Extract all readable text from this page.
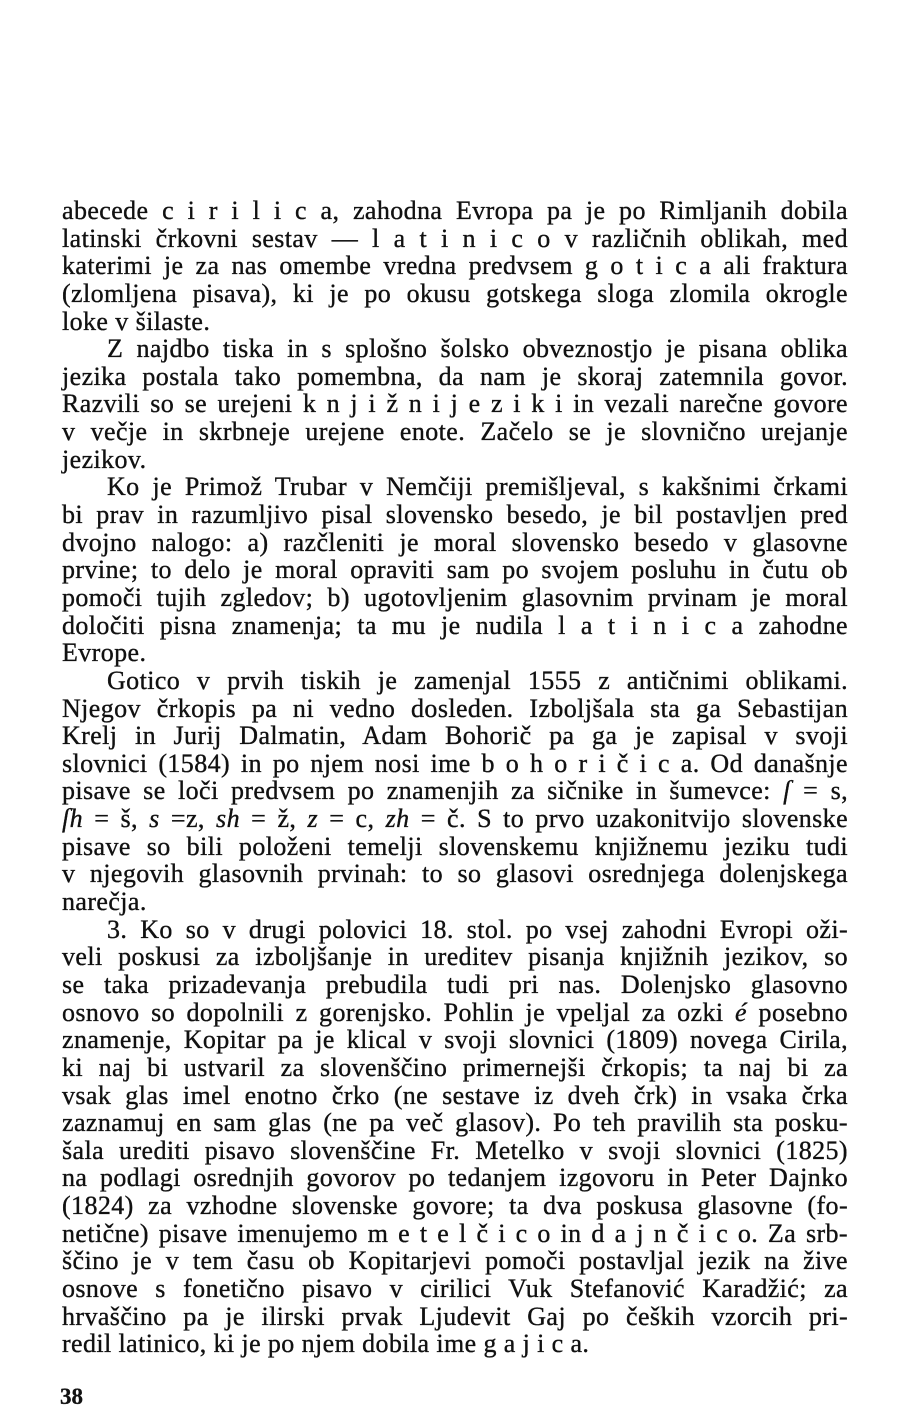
abecede c i r i l i c a, zahodna Evropa pa je po Rimljanih dobila
latinski črkovni sestav — l a t i n i c o v različnih oblikah, med
katerimi je za nas omembe vredna predvsem g o t i c a ali fraktura
(zlomljena pisava), ki je po okusu gotskega sloga zlomila okrogle
loke v šilaste.
Z najdbo tiska in s splošno šolsko obveznostjo je pisana oblika
jezika postala tako pomembna, da nam je skoraj zatemnila govor.
Razvili so se urejeni k n j i ž n i j e z i k i in vezali narečne govore
v večje in skrbneje urejene enote. Začelo se je slovnično urejanje
jezikov.
Ko je Primož Trubar v Nemčiji premišljeval, s kakšnimi črkami
bi prav in razumljivo pisal slovensko besedo, je bil postavljen pred
dvojno nalogo: a) razčleniti je moral slovensko besedo v glasovne
prvine; to delo je moral opraviti sam po svojem posluhu in čutu ob
pomoči tujih zgledov; b) ugotovljenim glasovnim prvinam je moral
določiti pisna znamenja; ta mu je nudila l a t i n i c a zahodne
Evrope.
Gotico v prvih tiskih je zamenjal 1555 z antičnimi oblikami.
Njegov črkopis pa ni vedno dosleden. Izboljšala sta ga Sebastijan
Krelj in Jurij Dalmatin, Adam Bohorič pa ga je zapisal v svoji
slovnici (1584) in po njem nosi ime b o h o r i č i c a. Od današnje
pisave se loči predvsem po znamenjih za sičnike in šumevce: ſ = s,
ſh = š, s =z, sh = ž, z = c, zh = č. S to prvo uzakonitvijo slovenske
pisave so bili položeni temelji slovenskemu knjižnemu jeziku tudi
v njegovih glasovnih prvinah: to so glasovi osrednjega dolenjskega
narečja.
3. Ko so v drugi polovici 18. stol. po vsej zahodni Evropi oži-
veli poskusi za izboljšanje in ureditev pisanja knjižnih jezikov, so
se taka prizadevanja prebudila tudi pri nas. Dolenjsko glasovno
osnovo so dopolnili z gorenjsko. Pohlin je vpeljal za ozki é posebno
znamenje, Kopitar pa je klical v svoji slovnici (1809) novega Cirila,
ki naj bi ustvaril za slovenščino primernejši črkopis; ta naj bi za
vsak glas imel enotno črko (ne sestave iz dveh črk) in vsaka črka
zaznamuj en sam glas (ne pa več glasov). Po teh pravilih sta posku-
šala urediti pisavo slovenščine Fr. Metelko v svoji slovnici (1825)
na podlagi osrednjih govorov po tedanjem izgovoru in Peter Dajnko
(1824) za vzhodne slovenske govore; ta dva poskusa glasovne (fo-
netične) pisave imenujemo m e t e l č i c o in d a j n č i c o. Za srb-
ščino je v tem času ob Kopitarjevi pomoči postavljal jezik na žive
osnove s fonetično pisavo v cirilici Vuk Stefanović Karadžić; za
hrvaščino pa je ilirski prvak Ljudevit Gaj po čeških vzorcih pri-
redil latinico, ki je po njem dobila ime g a j i c a.
38
